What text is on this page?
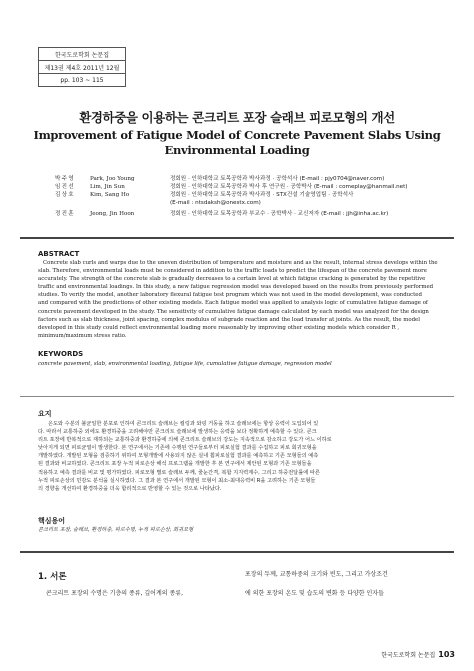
한국도로학회 논문집
제13권 제4호 2011년 12월
pp. 103 ~ 115
환경하중을 이용하는 콘크리트 포장 슬래브 피로모형의 개선
Improvement of Fatigue Model of Concrete Pavement Slabs Using
Environmental Loading
박주영	Park, Joo Young	정회원 · 인하대학교 토목공학과 박사과정 · 공학석사 (E-mail : pjy0704@naver.com)
임진선	Lim, Jin Sun	정회원 · 인하대학교 토목공학과 박사 후 연구원 · 공학박사 (E-mail : comeplay@hanmail.net)
김상호	Kim, Sang Ho	정회원 · 인하대학교 토목공학과 박사과정 · STX건설 기술영업팀 · 공학석사
(E-mail : ntsdaksh@onestx.com)
정진훈	Jeong, Jin Hoon	정회원 · 인하대학교 토목공학과 부교수 · 공학박사 · 교신저자 (E-mail : jjh@inha.ac.kr)
ABSTRACT
Concrete slab curls and warps due to the uneven distribution of temperature and moisture and as the result, internal stress develops within the
slab. Therefore, environmental loads must be considered in addition to the traffic loads to predict the lifespan of the concrete pavement more
accurately. The strength of the concrete slab is gradually decreases to a certain level at which fatigue cracking is generated by the repetitive
traffic and environmental loadings. In this study, a new fatigue regression model was developed based on the results from previously performed
studies. To verify the model, another laboratory flexural fatigue test program which was not used in the model development, was conducted
and compared with the predictions of other existing models. Each fatigue model was applied to analysis logic of cumulative fatigue damage of
concrete pavement developed in the study. The sensitivity of cumulative fatigue damage calculated by each model was analyzed for the design
factors such as slab thickness, joint spacing, complex modulus of subgrade reaction and the load transfer at joints. As the result, the model
developed in this study could reflect environmental loading more reasonably by improving other existing models which consider R ,
minimum/maximum stress ratio.
KEYWORDS
concrete pavement, slab, environmental loading, fatigue life, cumulative fatigue damage, regression model
요지
온도와 수분의 불균일한 분포로 인하여 콘크리트 슬래브는 컬링과 와핑 거동을 하고 슬래브에는 항상 응력이 도입되어 있
다. 따라서 교통하중 외에도 환경하중을 고려해야만 콘크리트 슬래브에 발생하는 응력을 보다 정확하게 예측할 수 있다. 콘크
리트 포장에 반복적으로 재하되는 교통하중과 환경하중에 의해 콘크리트 슬래브의 강도는 지속적으로 감소하고 강도가 어느 이하로
낮아지게 되면 피로균열이 발생한다. 본 연구에서는 기존에 수행된 연구들로부터 피로실험 결과를 수집하고 피로 회귀모형을
개발하였다. 개발된 모형을 검증하기 위하여 모형개발에 사용되지 않은 실내 휨피로실험 결과를 예측하고 기존 모형들의 예측
된 결과와 비교하였다. 콘크리트 포장 누적 피로손상 해석 프로그램을 개발한 후 본 연구에서 제안된 모형과 기존 모형들을
적용하고 예측 결과를 비교 및 평가하였다. 피로모형 별로 슬래브 두께, 줄눈간격, 복합 지지력계수, 그리고 하중전달률에 따른
누적 피로손상의 민감도 분석을 실시하였다. 그 결과 본 연구에서 개발된 모형이 최소-최대응력비 R을 고려하는 기존 모형들
의 경향을 개선하여 환경하중을 더욱 합리적으로 반영할 수 있는 것으로 나타났다.
핵심용어
콘크리트 포장, 슬래브, 환경하중, 피로수명, 누적 피로손상, 회귀모형
1. 서론
콘크리트 포장의 수명은 기층의 종류, 깊어계의 종류,
포장의 두께, 교통하중의 크기와 빈도, 그리고 가상조건
에 의한 포장의 온도 및 습도의 변화 등 다양한 인자들
한국도로학회 논문집 103
